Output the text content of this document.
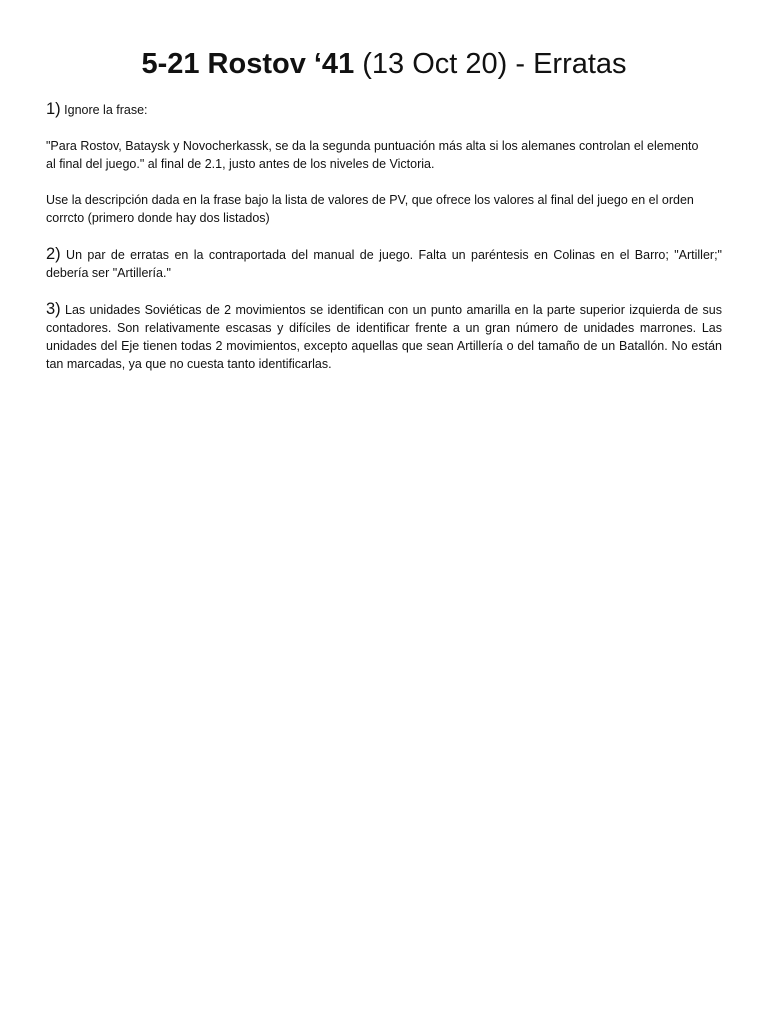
5-21 Rostov ‘41 (13 Oct 20) - Erratas

1) Ignore la frase:

"Para Rostov, Bataysk y Novocherkassk, se da la segunda puntuación más alta si los alemanes controlan el elemento
al final del juego." al final de 2.1, justo antes de los niveles de Victoria.

Use la descripción dada en la frase bajo la lista de valores de PV, que ofrece los valores al final del juego en el orden
corrcto (primero donde hay dos listados)

2) Un par de erratas en la contraportada del manual de juego. Falta un paréntesis en Colinas en el Barro; "Artiller;" debería ser "Artillería."

3) Las unidades Soviéticas de 2 movimientos se identifican con un punto amarilla en la parte superior izquierda de sus contadores. Son relativamente escasas y difíciles de identificar frente a un gran número de unidades marrones. Las unidades del Eje tienen todas 2 movimientos, excepto aquellas que sean Artillería o del tamaño de un Batallón. No están tan marcadas, ya que no cuesta tanto identificarlas.
